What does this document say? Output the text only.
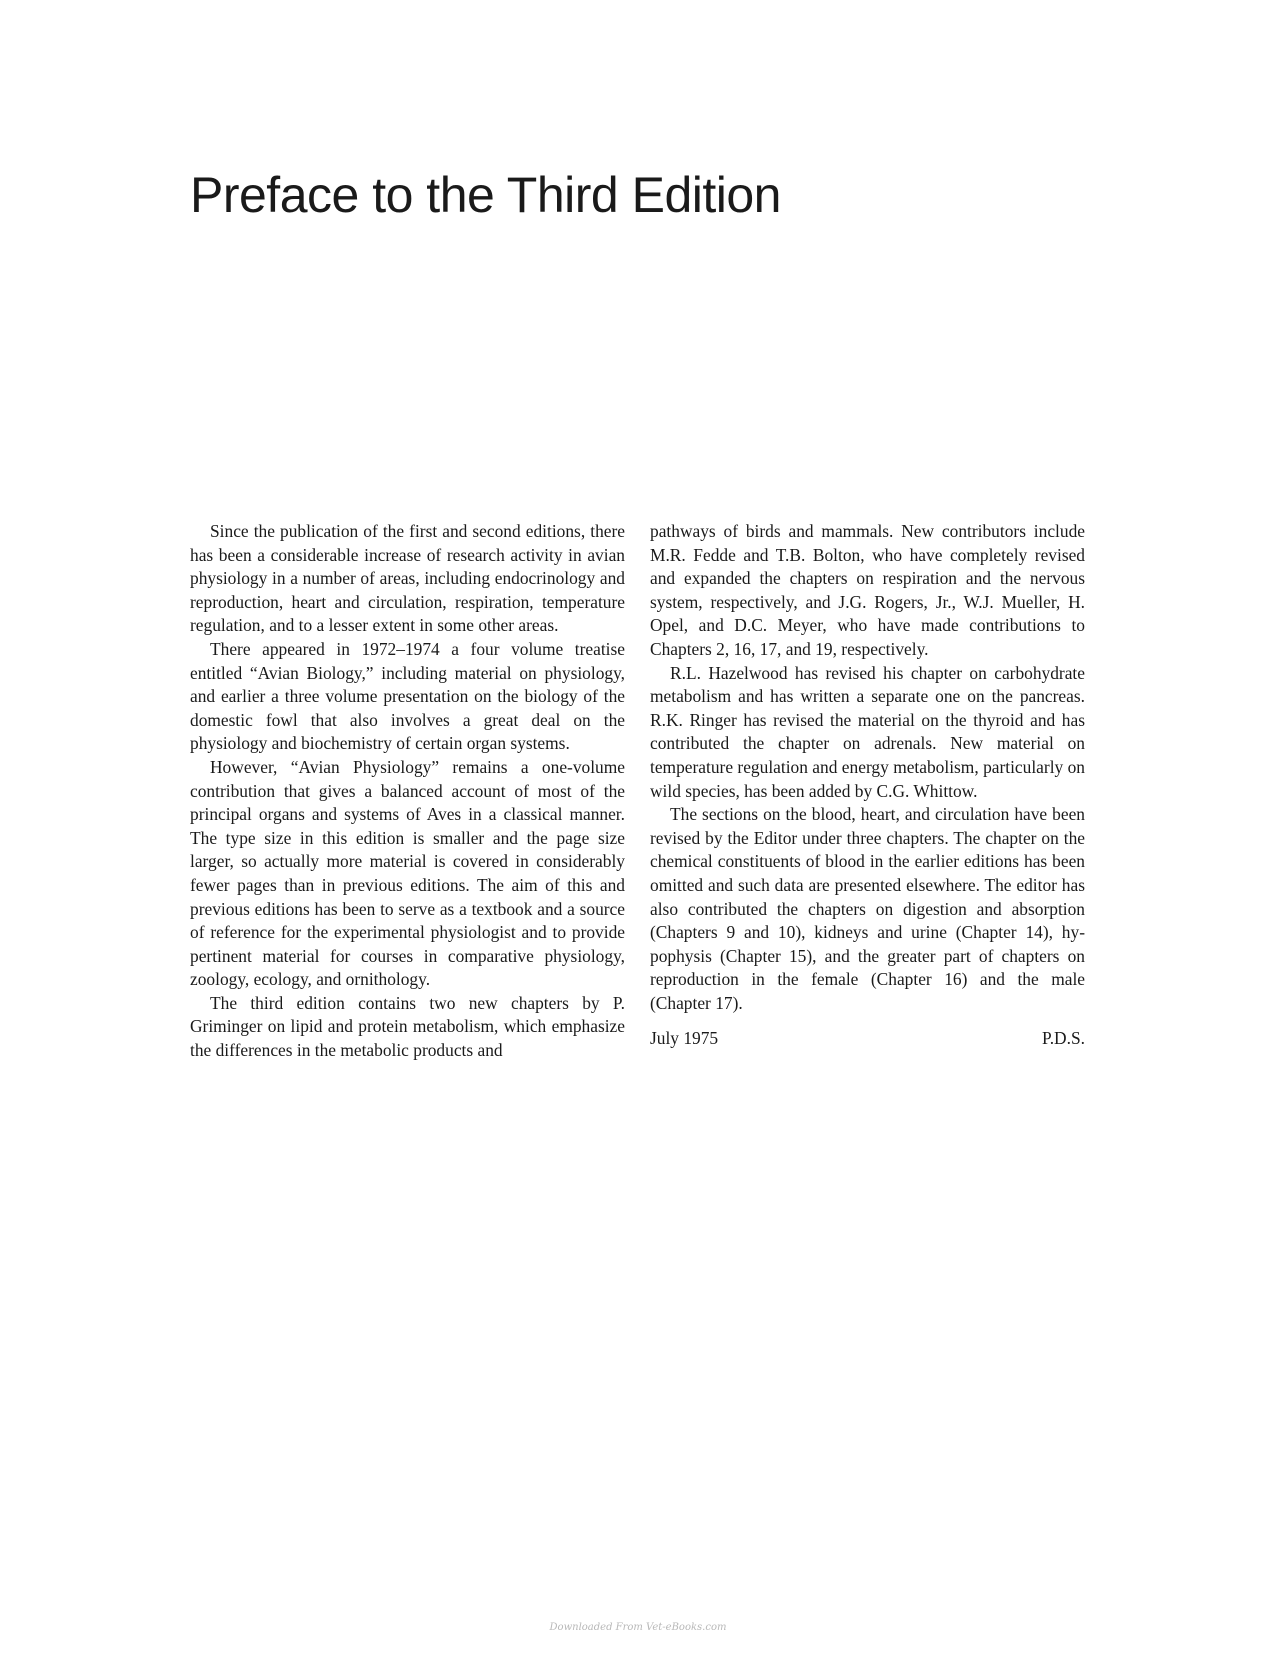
Preface to the Third Edition

Since the publication of the first and second editions, there has been a considerable increase of research activity in avian physiology in a number of areas, including endocrinology and reproduction, heart and circulation, respiration, temperature regulation, and to a lesser extent in some other areas.

There appeared in 1972–1974 a four volume treatise entitled “Avian Biology,” including material on physiology, and earlier a three volume presentation on the biology of the domestic fowl that also involves a great deal on the physiology and biochemistry of certain organ systems.

However, “Avian Physiology” remains a one-volume contribution that gives a balanced account of most of the principal organs and systems of Aves in a classical manner. The type size in this edition is smaller and the page size larger, so actually more material is covered in considerably fewer pages than in previous editions. The aim of this and previous editions has been to serve as a textbook and a source of reference for the experimental physiologist and to provide pertinent material for courses in comparative physiology, zoology, ecology, and ornithology.

The third edition contains two new chapters by P. Griminger on lipid and protein metabolism, which emphasize the differences in the metabolic products and

pathways of birds and mammals. New contributors include M.R. Fedde and T.B. Bolton, who have completely revised and expanded the chapters on respiration and the nervous system, respectively, and J.G. Rogers, Jr., W.J. Mueller, H. Opel, and D.C. Meyer, who have made contributions to Chapters 2, 16, 17, and 19, respectively.

R.L. Hazelwood has revised his chapter on carbohydrate metabolism and has written a separate one on the pancreas. R.K. Ringer has revised the material on the thyroid and has contributed the chapter on adrenals. New material on temperature regulation and energy metabolism, particularly on wild species, has been added by C.G. Whittow.

The sections on the blood, heart, and circulation have been revised by the Editor under three chapters. The chapter on the chemical constituents of blood in the earlier editions has been omitted and such data are presented elsewhere. The editor has also contributed the chapters on digestion and absorption (Chapters 9 and 10), kidneys and urine (Chapter 14), hypophysis (Chapter 15), and the greater part of chapters on reproduction in the female (Chapter 16) and the male (Chapter 17).

July 1975	P.D.S.
Downloaded From Vet-eBooks.com
